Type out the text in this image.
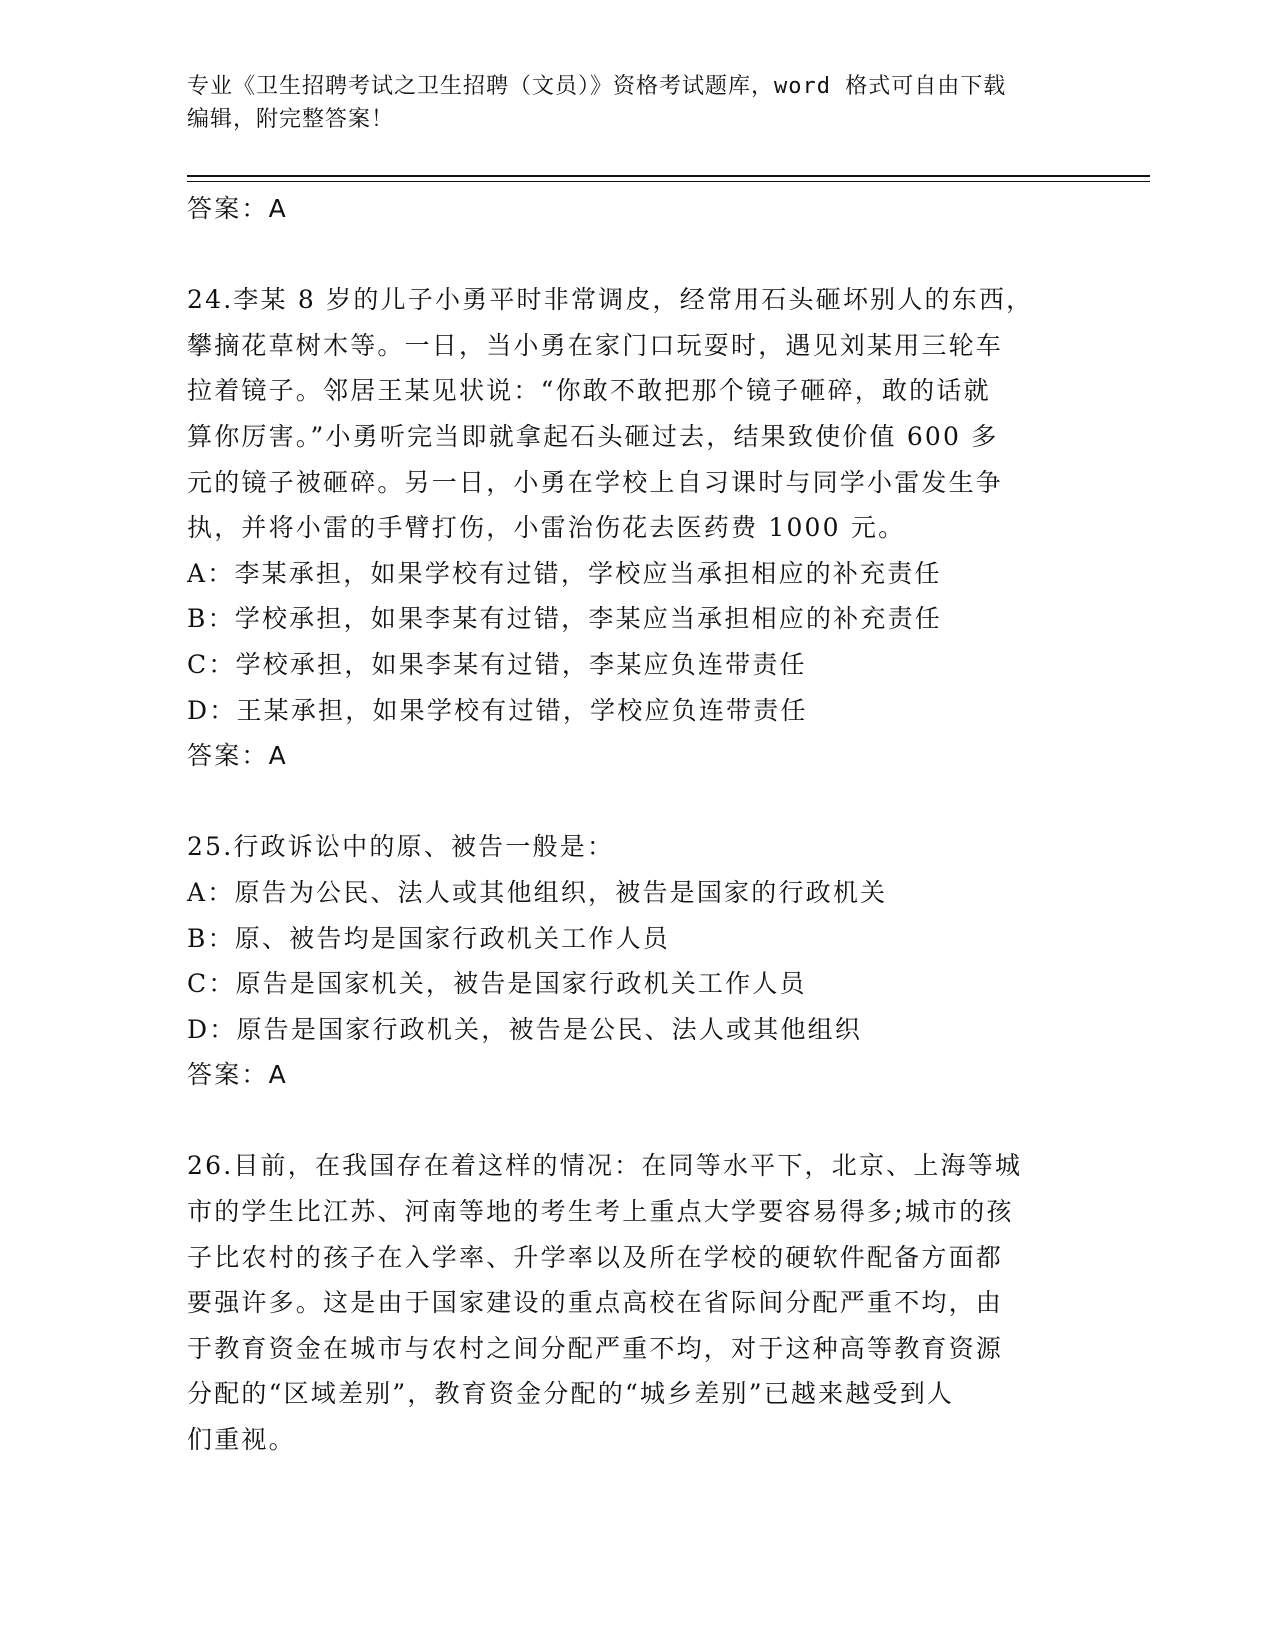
专业《卫生招聘考试之卫生招聘（文员）》资格考试题库，word 格式可自由下载
编辑，附完整答案！
答案：A
24.李某 8 岁的儿子小勇平时非常调皮，经常用石头砸坏别人的东西，
攀摘花草树木等。一日，当小勇在家门口玩耍时，遇见刘某用三轮车
拉着镜子。邻居王某见状说：“你敢不敢把那个镜子砸碎，敢的话就
算你厉害。”小勇听完当即就拿起石头砸过去，结果致使价值 600 多
元的镜子被砸碎。另一日，小勇在学校上自习课时与同学小雷发生争
执，并将小雷的手臂打伤，小雷治伤花去医药费 1000 元。
A：李某承担，如果学校有过错，学校应当承担相应的补充责任
B：学校承担，如果李某有过错，李某应当承担相应的补充责任
C：学校承担，如果李某有过错，李某应负连带责任
D：王某承担，如果学校有过错，学校应负连带责任
答案：A
25.行政诉讼中的原、被告一般是：
A：原告为公民、法人或其他组织，被告是国家的行政机关
B：原、被告均是国家行政机关工作人员
C：原告是国家机关，被告是国家行政机关工作人员
D：原告是国家行政机关，被告是公民、法人或其他组织
答案：A
26.目前，在我国存在着这样的情况：在同等水平下，北京、上海等城
市的学生比江苏、河南等地的考生考上重点大学要容易得多;城市的孩
子比农村的孩子在入学率、升学率以及所在学校的硬软件配备方面都
要强许多。这是由于国家建设的重点高校在省际间分配严重不均，由
于教育资金在城市与农村之间分配严重不均，对于这种高等教育资源
分配的“区域差别”，教育资金分配的“城乡差别”已越来越受到人
们重视。
